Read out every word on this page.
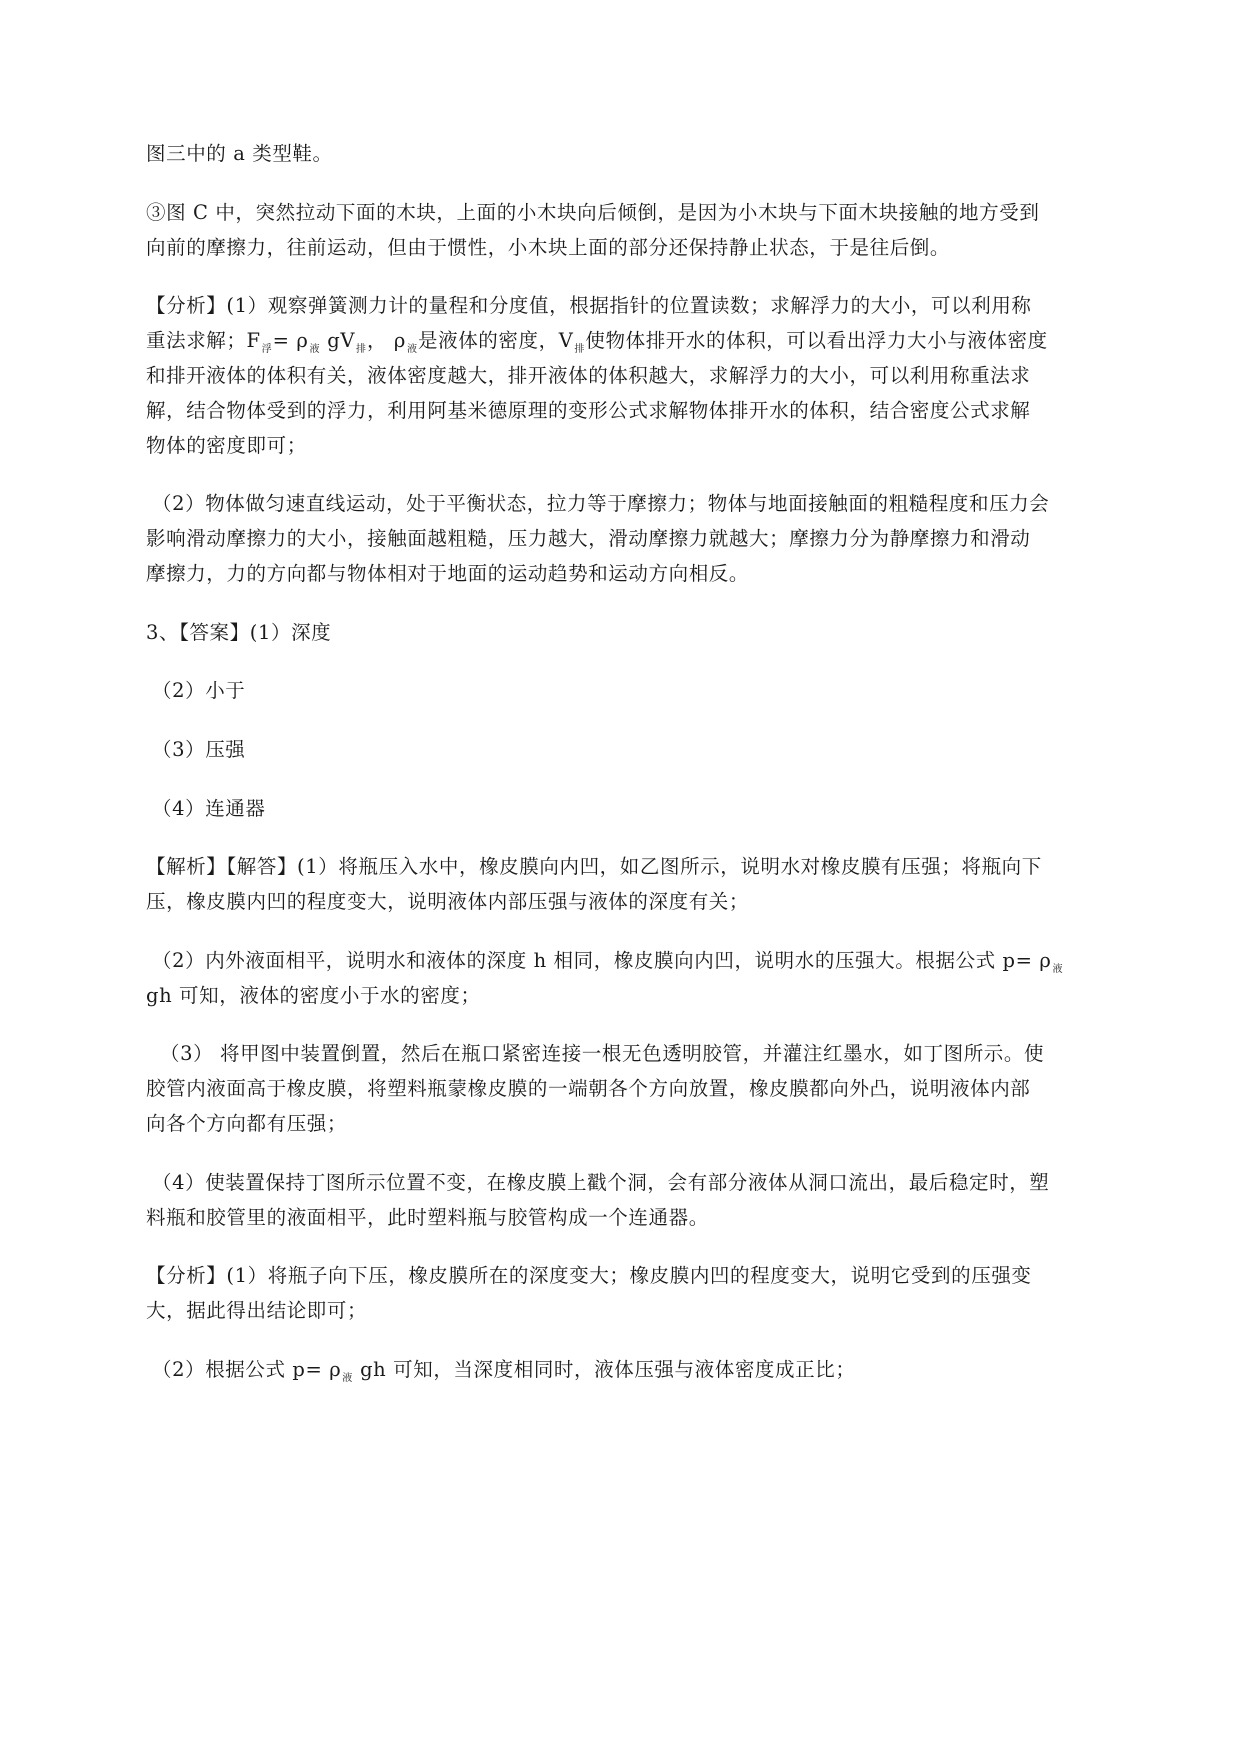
图三中的 a 类型鞋。
③图 C 中，突然拉动下面的木块，上面的小木块向后倾倒，是因为小木块与下面木块接触的地方受到
向前的摩擦力，往前运动，但由于惯性，小木块上面的部分还保持静止状态，于是往后倒。
【分析】(1）观察弹簧测力计的量程和分度值，根据指针的位置读数；求解浮力的大小，可以利用称
重法求解；$F_浮= \rho_液$ $gV_排$， $\rho_液$是液体的密度，$V_排$使物体排开水的体积，可以看出浮力大小与液体密度
和排开液体的体积有关，液体密度越大，排开液体的体积越大，求解浮力的大小，可以利用称重法求
解，结合物体受到的浮力，利用阿基米德原理的变形公式求解物体排开水的体积，结合密度公式求解
物体的密度即可；
（2）物体做匀速直线运动，处于平衡状态，拉力等于摩擦力；物体与地面接触面的粗糙程度和压力会
影响滑动摩擦力的大小，接触面越粗糙，压力越大，滑动摩擦力就越大；摩擦力分为静摩擦力和滑动
摩擦力，力的方向都与物体相对于地面的运动趋势和运动方向相反。
3、【答案】(1）深度
（2）小于
（3）压强
（4）连通器
【解析】【解答】(1）将瓶压入水中，橡皮膜向内凹，如乙图所示，说明水对橡皮膜有压强；将瓶向下
压，橡皮膜内凹的程度变大，说明液体内部压强与液体的深度有关；
（2）内外液面相平，说明水和液体的深度 h 相同，橡皮膜向内凹，说明水的压强大。根据公式 $p= \rho_液$
gh 可知，液体的密度小于水的密度；
（3） 将甲图中装置倒置，然后在瓶口紧密连接一根无色透明胶管，并灌注红墨水，如丁图所示。使
胶管内液面高于橡皮膜，将塑料瓶蒙橡皮膜的一端朝各个方向放置，橡皮膜都向外凸，说明液体内部
向各个方向都有压强；
（4）使装置保持丁图所示位置不变，在橡皮膜上戳个洞，会有部分液体从洞口流出，最后稳定时，塑
料瓶和胶管里的液面相平，此时塑料瓶与胶管构成一个连通器。
【分析】(1）将瓶子向下压，橡皮膜所在的深度变大；橡皮膜内凹的程度变大，说明它受到的压强变
大，据此得出结论即可；
（2）根据公式 $p= \rho_液$ gh 可知，当深度相同时，液体压强与液体密度成正比；
